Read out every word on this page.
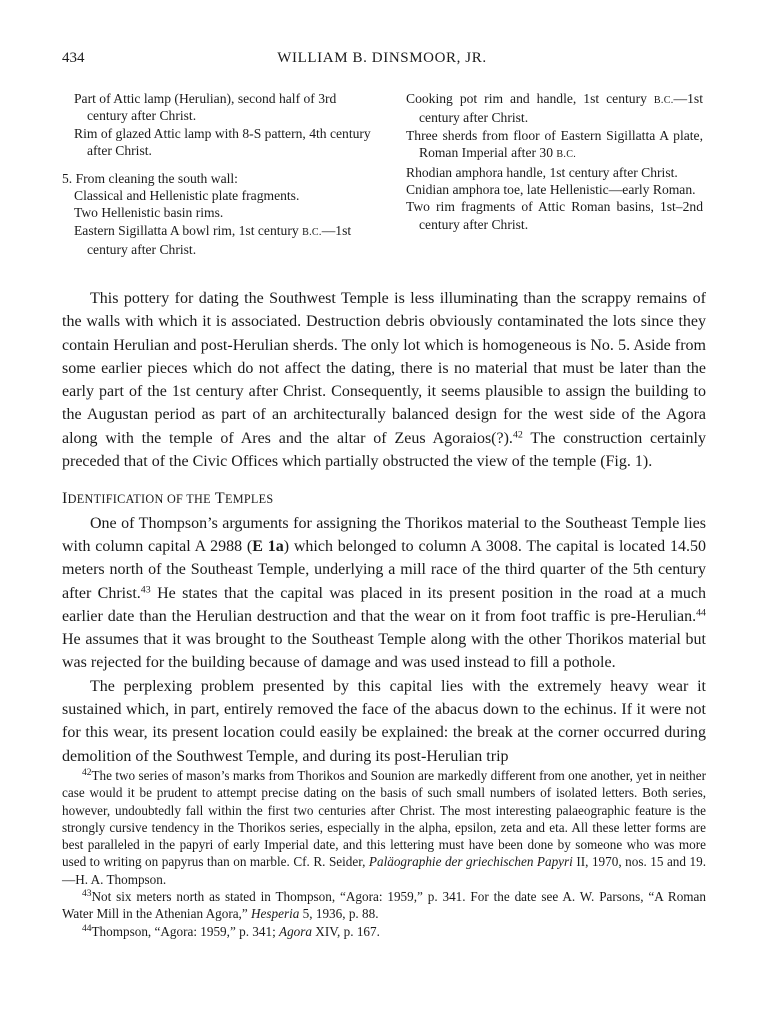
434	WILLIAM B. DINSMOOR, JR.
Part of Attic lamp (Herulian), second half of 3rd century after Christ.
Rim of glazed Attic lamp with 8-S pattern, 4th century after Christ.
5. From cleaning the south wall:
Classical and Hellenistic plate fragments.
Two Hellenistic basin rims.
Eastern Sigillatta A bowl rim, 1st century B.C.—1st century after Christ.
Cooking pot rim and handle, 1st century B.C.—1st century after Christ.
Three sherds from floor of Eastern Sigillatta A plate, Roman Imperial after 30 B.C.
Rhodian amphora handle, 1st century after Christ.
Cnidian amphora toe, late Hellenistic—early Roman.
Two rim fragments of Attic Roman basins, 1st–2nd century after Christ.

This pottery for dating the Southwest Temple is less illuminating than the scrappy remains of the walls with which it is associated. Destruction debris obviously contaminated the lots since they contain Herulian and post-Herulian sherds. The only lot which is homogeneous is No. 5. Aside from some earlier pieces which do not affect the dating, there is no material that must be later than the early part of the 1st century after Christ. Consequently, it seems plausible to assign the building to the Augustan period as part of an architecturally balanced design for the west side of the Agora along with the temple of Ares and the altar of Zeus Agoraios(?).$^{42}$ The construction certainly preceded that of the Civic Offices which partially obstructed the view of the temple (Fig. 1).

IDENTIFICATION OF THE TEMPLES

One of Thompson’s arguments for assigning the Thorikos material to the Southeast Temple lies with column capital A 2988 (E 1a) which belonged to column A 3008. The capital is located 14.50 meters north of the Southeast Temple, underlying a mill race of the third quarter of the 5th century after Christ.$^{43}$ He states that the capital was placed in its present position in the road at a much earlier date than the Herulian destruction and that the wear on it from foot traffic is pre-Herulian.$^{44}$ He assumes that it was brought to the Southeast Temple along with the other Thorikos material but was rejected for the building because of damage and was used instead to fill a pothole.

The perplexing problem presented by this capital lies with the extremely heavy wear it sustained which, in part, entirely removed the face of the abacus down to the echinus. If it were not for this wear, its present location could easily be explained: the break at the corner occurred during demolition of the Southwest Temple, and during its post-Herulian trip

$^{42}$The two series of mason’s marks from Thorikos and Sounion are markedly different from one another, yet in neither case would it be prudent to attempt precise dating on the basis of such small numbers of isolated letters. Both series, however, undoubtedly fall within the first two centuries after Christ. The most interesting palaeographic feature is the strongly cursive tendency in the Thorikos series, especially in the alpha, epsilon, zeta and eta. All these letter forms are best paralleled in the papyri of early Imperial date, and this lettering must have been done by someone who was more used to writing on papyrus than on marble. Cf. R. Seider, Paläographie der griechischen Papyri II, 1970, nos. 15 and 19.—H. A. Thompson.

$^{43}$Not six meters north as stated in Thompson, “Agora: 1959,” p. 341. For the date see A. W. Parsons, “A Roman Water Mill in the Athenian Agora,” Hesperia 5, 1936, p. 88.

$^{44}$Thompson, “Agora: 1959,” p. 341; Agora XIV, p. 167.
